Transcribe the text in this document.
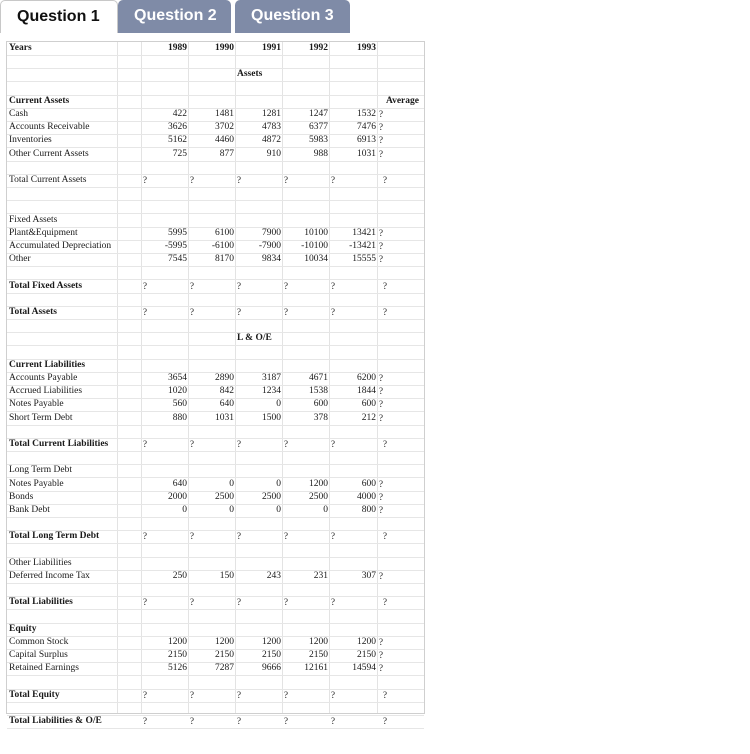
Question 1	Question 2	Question 3
Years	1989	1990	1991	1992	1993
Assets
Current Assets	Average
Cash	422	1481	1281	1247	1532 ?
Accounts Receivable	3626	3702	4783	6377	7476 ?
Inventories	5162	4460	4872	5983	6913 ?
Other Current Assets	725	877	910	988	1031 ?
Total Current Assets	?	?	?	?	?	?
Fixed Assets
Plant&Equipment	5995	6100	7900	10100	13421 ?
Accumulated Depreciation	-5995	-6100	-7900	-10100	-13421 ?
Other	7545	8170	9834	10034	15555 ?
Total Fixed Assets	?	?	?	?	?	?
Total Assets	?	?	?	?	?	?
L & O/E
Current Liabilities
Accounts Payable	3654	2890	3187	4671	6200 ?
Accrued Liabilities	1020	842	1234	1538	1844 ?
Notes Payable	560	640	0	600	600 ?
Short Term Debt	880	1031	1500	378	212 ?
Total Current Liabilities	?	?	?	?	?	?
Long Term Debt
Notes Payable	640	0	0	1200	600 ?
Bonds	2000	2500	2500	2500	4000 ?
Bank Debt	0	0	0	0	800 ?
Total Long Term Debt	?	?	?	?	?	?
Other Liabilities
Deferred Income Tax	250	150	243	231	307 ?
Total Liabilities	?	?	?	?	?	?
Equity
Common Stock	1200	1200	1200	1200	1200 ?
Capital Surplus	2150	2150	2150	2150	2150 ?
Retained Earnings	5126	7287	9666	12161	14594 ?
Total Equity	?	?	?	?	?	?
Total Liabilities & O/E	?	?	?	?	?	?
